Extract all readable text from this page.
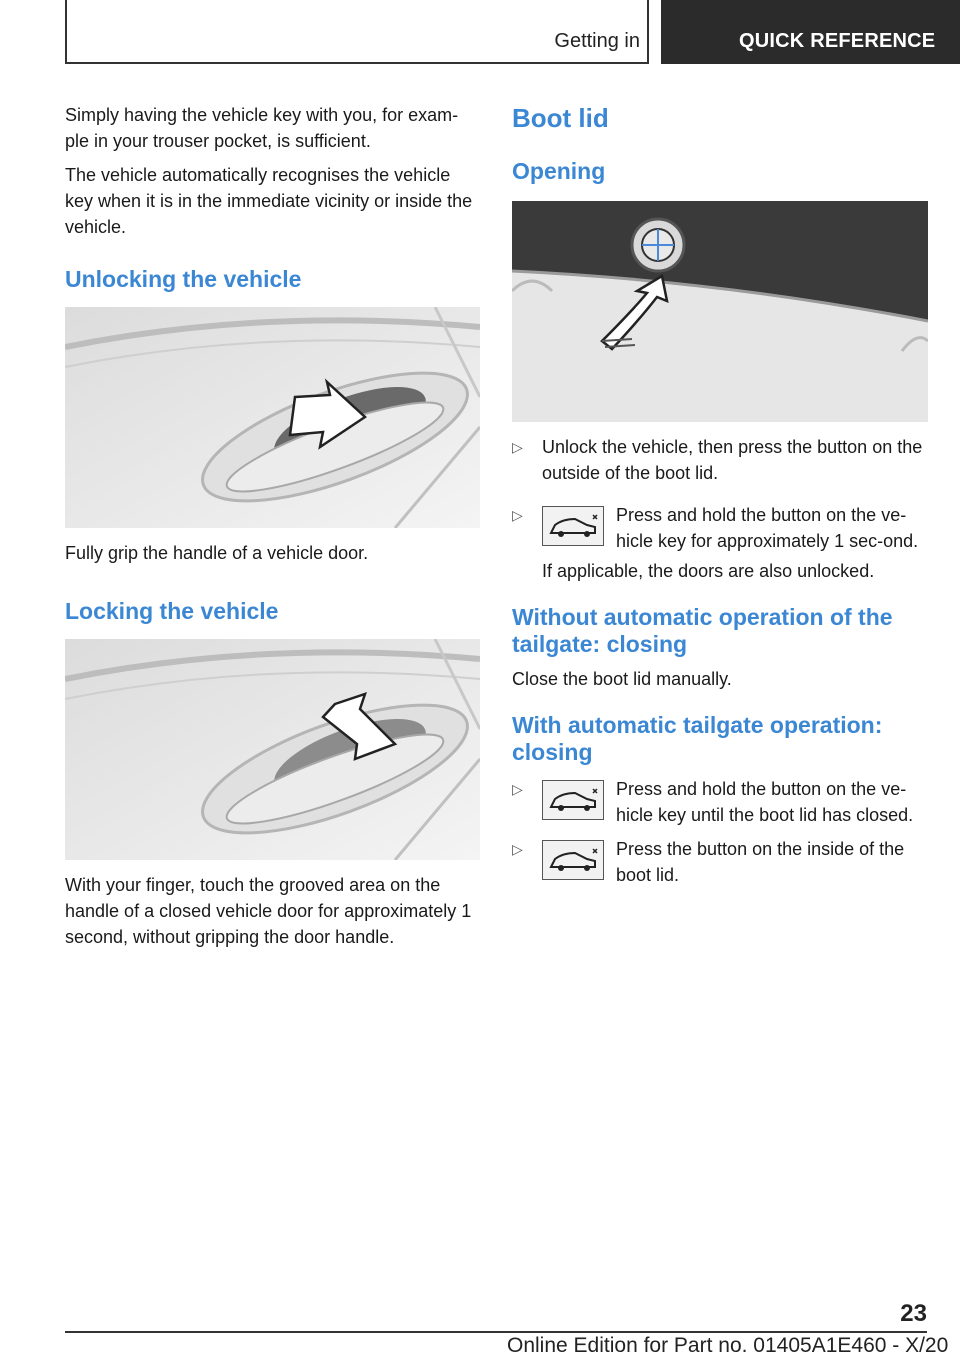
Getting in	QUICK REFERENCE

Simply having the vehicle key with you, for exam‐ple in your trouser pocket, is sufficient.

The vehicle automatically recognises the vehicle key when it is in the immediate vicinity or inside the vehicle.

Unlocking the vehicle

Fully grip the handle of a vehicle door.

Locking the vehicle

With your finger, touch the grooved area on the handle of a closed vehicle door for approximately 1 second, without gripping the door handle.

Boot lid
Opening
▷ Unlock the vehicle, then press the button on the outside of the boot lid.
▷	Press and hold the button on the ve‐hicle key for approximately 1 sec‐ond.

If applicable, the doors are also unlocked.

Without automatic operation of the tailgate: closing

Close the boot lid manually.

With automatic tailgate operation: closing
▷	Press and hold the button on the ve‐hicle key until the boot lid has closed.
▷	Press the button on the inside of the boot lid.
23
Online Edition for Part no. 01405A1E460 - X/20
